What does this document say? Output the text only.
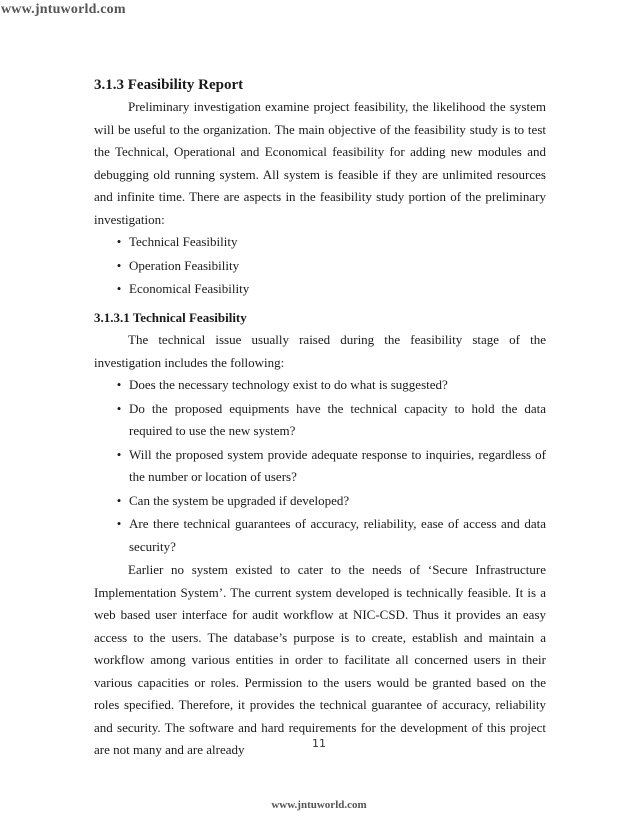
www.jntuworld.com
3.1.3 Feasibility Report

Preliminary investigation examine project feasibility, the likelihood the system will be useful to the organization. The main objective of the feasibility study is to test the Technical, Operational and Economical feasibility for adding new modules and debugging old running system. All system is feasible if they are unlimited resources and infinite time. There are aspects in the feasibility study portion of the preliminary investigation:

• Technical Feasibility
• Operation Feasibility
• Economical Feasibility
3.1.3.1 Technical Feasibility

The technical issue usually raised during the feasibility stage of the investigation includes the following:

• Does the necessary technology exist to do what is suggested?
• Do the proposed equipments have the technical capacity to hold the data required to use the new system?
• Will the proposed system provide adequate response to inquiries, regardless of the number or location of users?
• Can the system be upgraded if developed?
• Are there technical guarantees of accuracy, reliability, ease of access and data security?

Earlier no system existed to cater to the needs of ‘Secure Infrastructure Implementation System’. The current system developed is technically feasible. It is a web based user interface for audit workflow at NIC-CSD. Thus it provides an easy access to the users. The database’s purpose is to create, establish and maintain a workflow among various entities in order to facilitate all concerned users in their various capacities or roles. Permission to the users would be granted based on the roles specified. Therefore, it provides the technical guarantee of accuracy, reliability and security. The software and hard requirements for the development of this project are not many and are already	11
www.jntuworld.com
